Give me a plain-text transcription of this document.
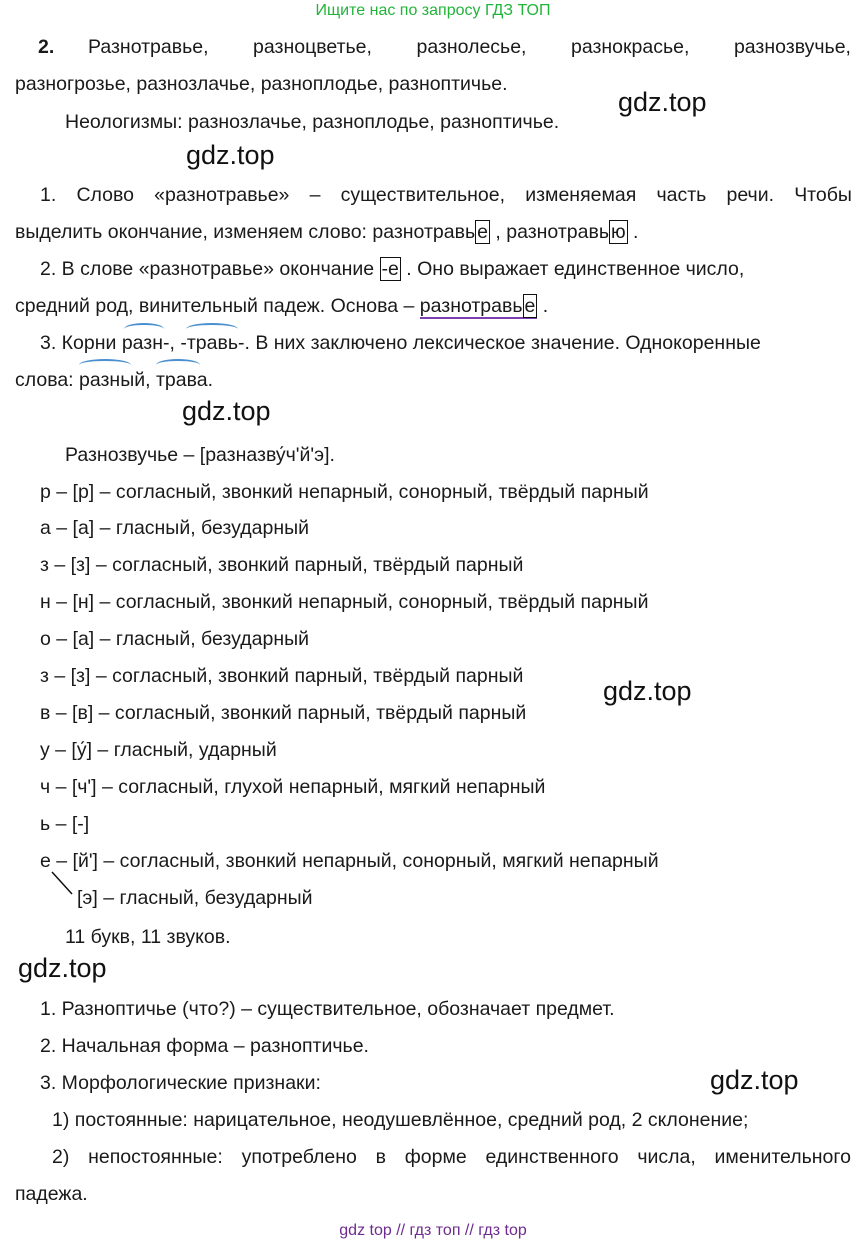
Ищите нас по запросу ГДЗ ТОП
2. Разнотравье, разноцветье, разнолесье, разнокрасье, разнозвучье,
разногрозье, разнозлачье, разноплодье, разноптичье.
Неологизмы: разнозлачье, разноплодье, разноптичье.
gdz.top
gdz.top
1. Слово «разнотравье» – существительное, изменяемая часть речи. Чтобы
выделить окончание, изменяем слово: разнотравь е , разнотравь ю .
2. В слове «разнотравье» окончание -е . Оно выражает единственное число,
средний род, винительный падеж. Основа – разнотравь е .
3. Корни
разн-,
-травь-. В них заключено лексическое значение. Однокоренные
слова:
разный,
трава.
gdz.top
Разнозвучье – [разназву́ч'й'э].
р – [р] – согласный, звонкий непарный, сонорный, твёрдый парный
а – [а] – гласный, безударный
з – [з] – согласный, звонкий парный, твёрдый парный
н – [н] – согласный, звонкий непарный, сонорный, твёрдый парный
о – [а] – гласный, безударный
з – [з] – согласный, звонкий парный, твёрдый парный
в – [в] – согласный, звонкий парный, твёрдый парный
у – [у́] – гласный, ударный
ч – [ч'] – согласный, глухой непарный, мягкий непарный
ь – [-]
е – [й'] – согласный, звонкий непарный, сонорный, мягкий непарный
[э] – гласный, безударный
11 букв, 11 звуков.
gdz.top
gdz.top
1. Разноптичье (что?) – существительное, обозначает предмет.
2. Начальная форма – разноптичье.
3. Морфологические признаки:	gdz.top
1) постоянные: нарицательное, неодушевлённое, средний род, 2 склонение;
2) непостоянные: употреблено в форме единственного числа, именительного
падежа.
gdz top // гдз топ // гдз top
